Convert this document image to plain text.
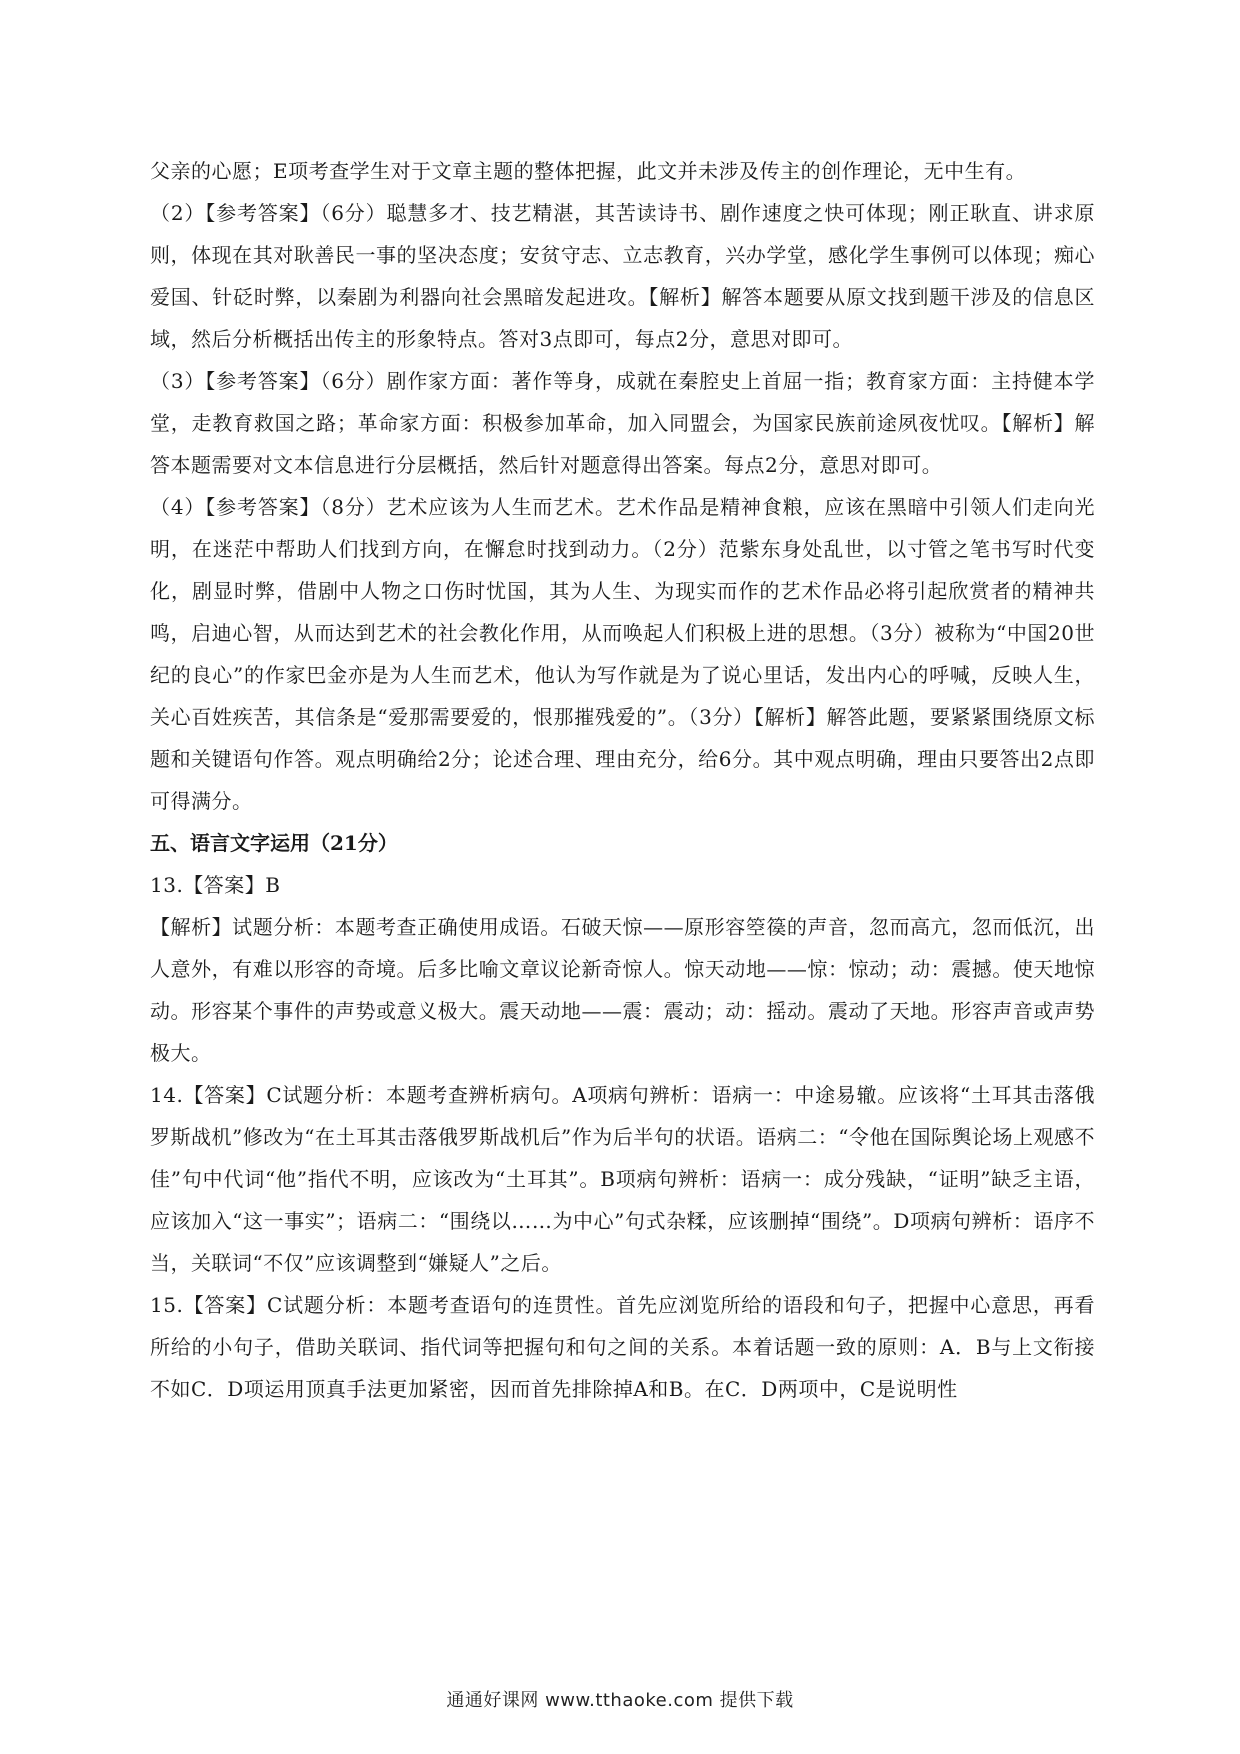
父亲的心愿；E项考查学生对于文章主题的整体把握，此文并未涉及传主的创作理论，无中生有。

（2）【参考答案】（6分）聪慧多才、技艺精湛，其苦读诗书、剧作速度之快可体现；刚正耿直、讲求原则，体现在其对耿善民一事的坚决态度；安贫守志、立志教育，兴办学堂，感化学生事例可以体现；痴心爱国、针砭时弊，以秦剧为利器向社会黑暗发起进攻。【解析】解答本题要从原文找到题干涉及的信息区域，然后分析概括出传主的形象特点。答对3点即可，每点2分，意思对即可。

（3）【参考答案】（6分）剧作家方面：著作等身，成就在秦腔史上首屈一指；教育家方面：主持健本学堂，走教育救国之路；革命家方面：积极参加革命，加入同盟会，为国家民族前途夙夜忧叹。【解析】解答本题需要对文本信息进行分层概括，然后针对题意得出答案。每点2分，意思对即可。

（4）【参考答案】（8分）艺术应该为人生而艺术。艺术作品是精神食粮，应该在黑暗中引领人们走向光明，在迷茫中帮助人们找到方向，在懈怠时找到动力。（2分）范紫东身处乱世，以寸管之笔书写时代变化，剧显时弊，借剧中人物之口伤时忧国，其为人生、为现实而作的艺术作品必将引起欣赏者的精神共鸣，启迪心智，从而达到艺术的社会教化作用，从而唤起人们积极上进的思想。（3分）被称为“中国20世纪的良心”的作家巴金亦是为人生而艺术，他认为写作就是为了说心里话，发出内心的呼喊，反映人生，关心百姓疾苦，其信条是“爱那需要爱的，恨那摧残爱的”。（3分）【解析】解答此题，要紧紧围绕原文标题和关键语句作答。观点明确给2分；论述合理、理由充分，给6分。其中观点明确，理由只要答出2点即可得满分。

五、语言文字运用（21分）

13.【答案】B

【解析】试题分析：本题考查正确使用成语。石破天惊——原形容箜篌的声音，忽而高亢，忽而低沉，出人意外，有难以形容的奇境。后多比喻文章议论新奇惊人。惊天动地——惊：惊动；动：震撼。使天地惊动。形容某个事件的声势或意义极大。震天动地——震：震动；动：摇动。震动了天地。形容声音或声势极大。

14.【答案】C试题分析：本题考查辨析病句。A项病句辨析：语病一：中途易辙。应该将“土耳其击落俄罗斯战机”修改为“在土耳其击落俄罗斯战机后”作为后半句的状语。语病二：“令他在国际舆论场上观感不佳”句中代词“他”指代不明，应该改为“土耳其”。B项病句辨析：语病一：成分残缺，“证明”缺乏主语，应该加入“这一事实”；语病二：“围绕以……为中心”句式杂糅，应该删掉“围绕”。D项病句辨析：语序不当，关联词“不仅”应该调整到“嫌疑人”之后。

15.【答案】C试题分析：本题考查语句的连贯性。首先应浏览所给的语段和句子，把握中心意思，再看所给的小句子，借助关联词、指代词等把握句和句之间的关系。本着话题一致的原则：A．B与上文衔接不如C．D项运用顶真手法更加紧密，因而首先排除掉A和B。在C．D两项中，C是说明性

通通好课网 www.tthaoke.com 提供下载
